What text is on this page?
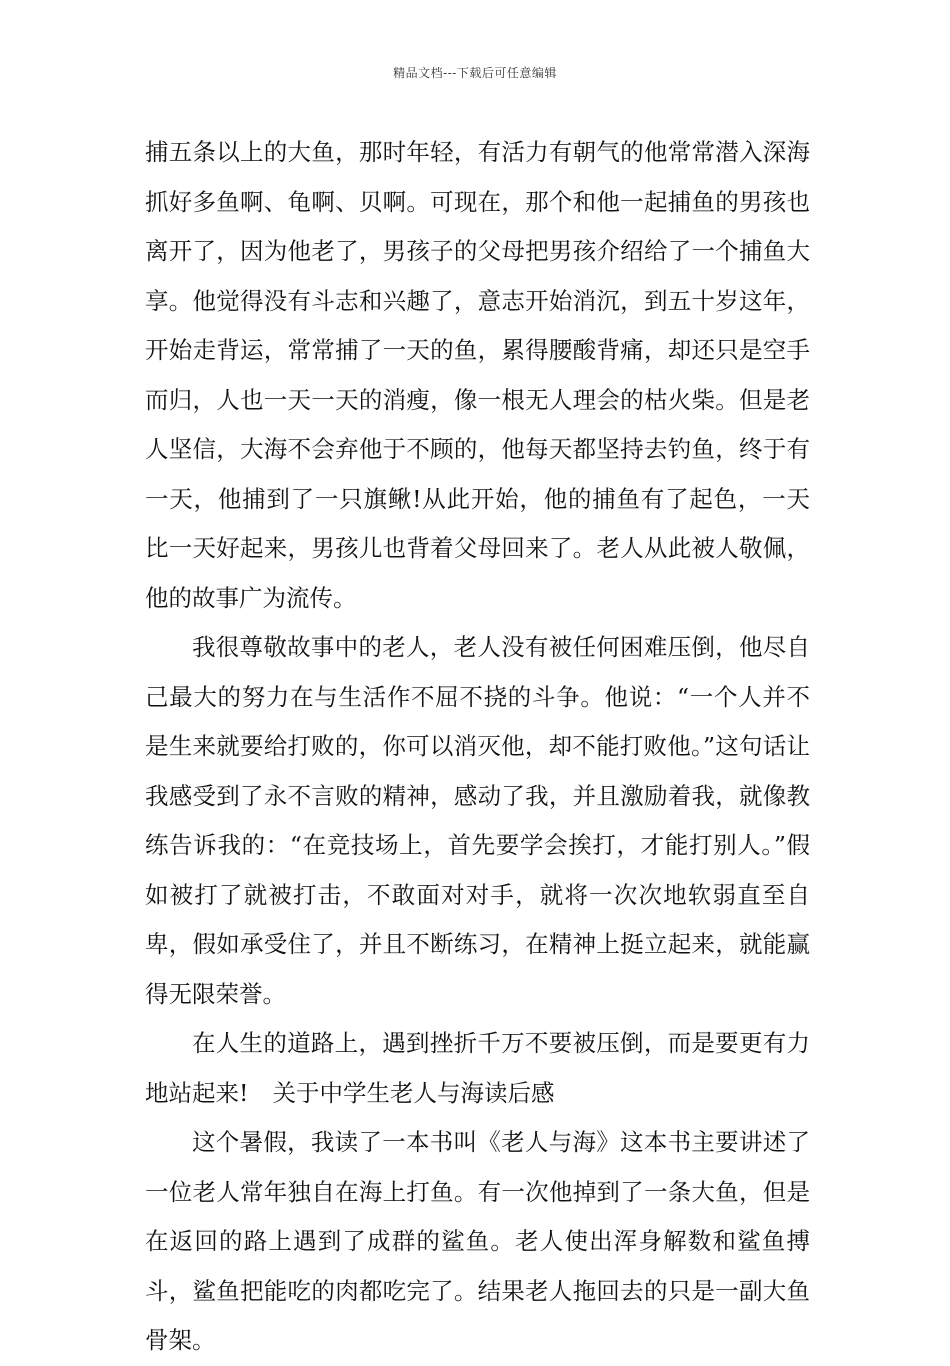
精品文档---下载后可任意编辑

捕五条以上的大鱼，那时年轻，有活力有朝气的他常常潜入深海抓好多鱼啊、龟啊、贝啊。可现在，那个和他一起捕鱼的男孩也离开了，因为他老了，男孩子的父母把男孩介绍给了一个捕鱼大享。他觉得没有斗志和兴趣了，意志开始消沉，到五十岁这年，开始走背运，常常捕了一天的鱼，累得腰酸背痛，却还只是空手而归，人也一天一天的消瘦，像一根无人理会的枯火柴。但是老人坚信，大海不会弃他于不顾的，他每天都坚持去钓鱼，终于有一天，他捕到了一只旗鳅!从此开始，他的捕鱼有了起色，一天比一天好起来，男孩儿也背着父母回来了。老人从此被人敬佩，他的故事广为流传。

我很尊敬故事中的老人，老人没有被任何困难压倒，他尽自己最大的努力在与生活作不屈不挠的斗争。他说：“一个人并不是生来就要给打败的，你可以消灭他，却不能打败他。”这句话让我感受到了永不言败的精神，感动了我，并且激励着我，就像教练告诉我的：“在竞技场上，首先要学会挨打，才能打别人。”假如被打了就被打击，不敢面对对手，就将一次次地软弱直至自卑，假如承受住了，并且不断练习，在精神上挺立起来，就能赢得无限荣誉。

在人生的道路上，遇到挫折千万不要被压倒，而是要更有力地站起来! 关于中学生老人与海读后感

这个暑假，我读了一本书叫《老人与海》这本书主要讲述了一位老人常年独自在海上打鱼。有一次他掉到了一条大鱼，但是在返回的路上遇到了成群的鲨鱼。老人使出浑身解数和鲨鱼搏斗，鲨鱼把能吃的肉都吃完了。结果老人拖回去的只是一副大鱼骨架。
